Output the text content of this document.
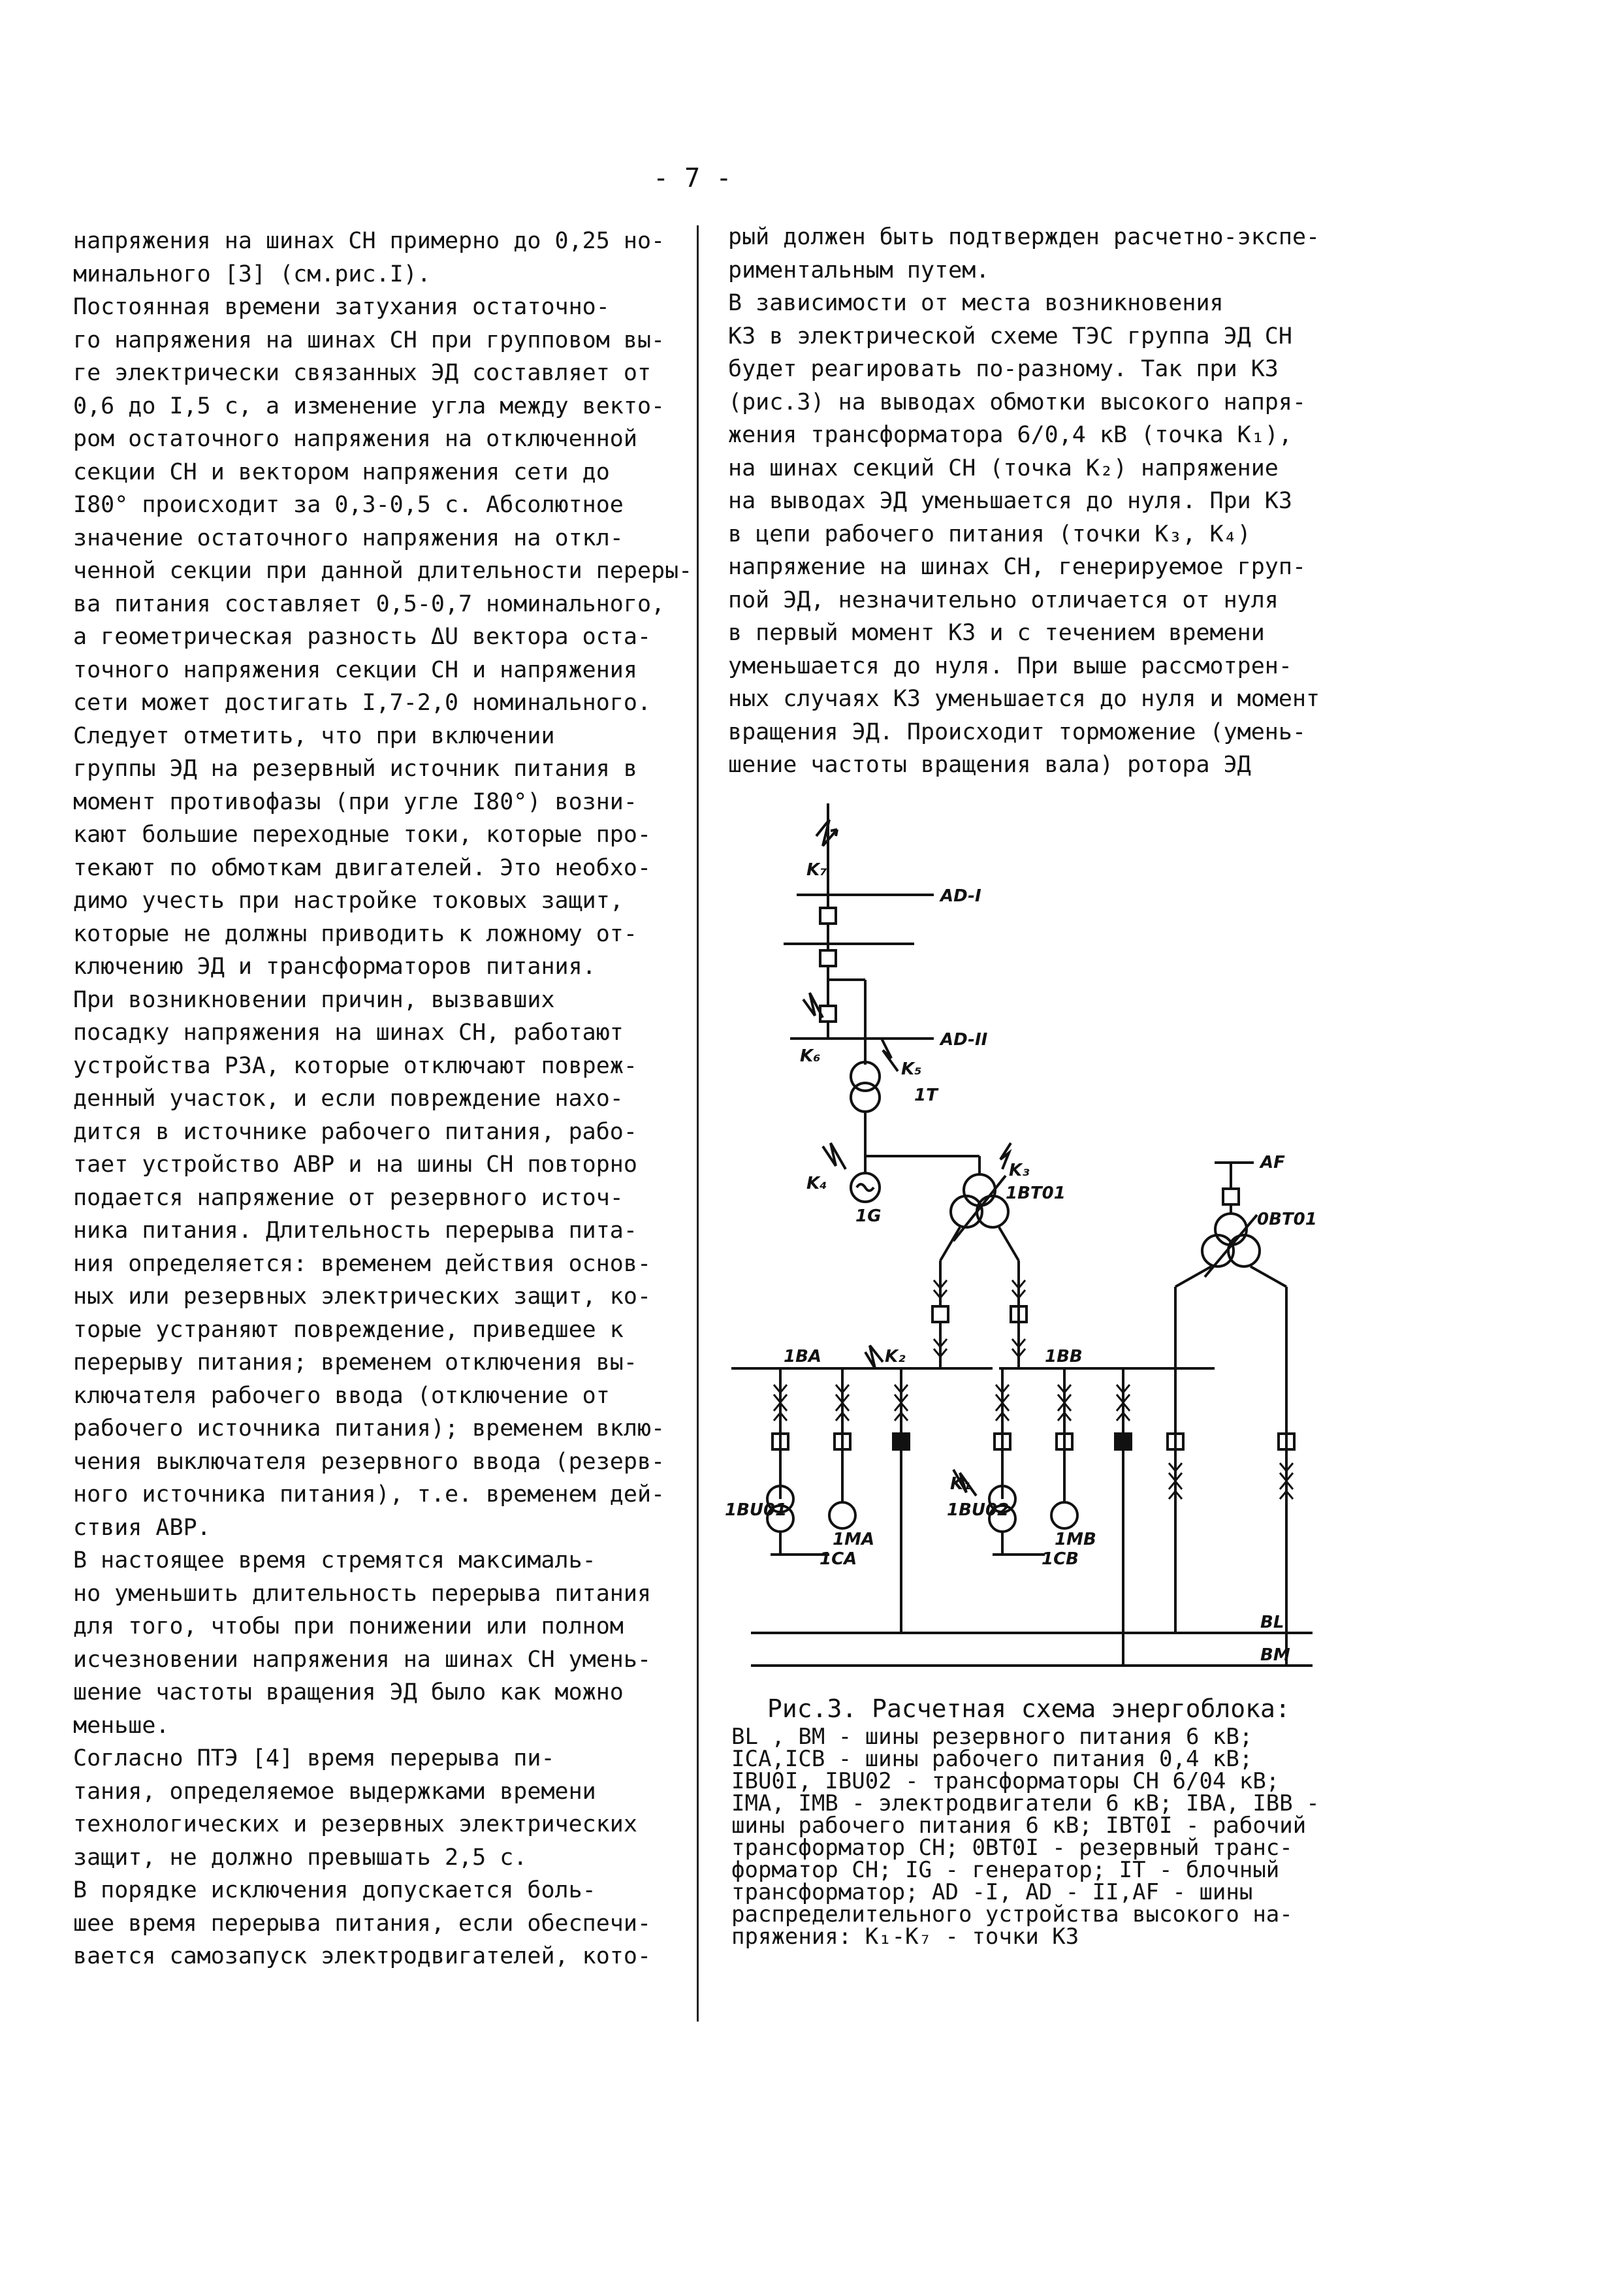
- 7 -

напряжения на шинах СН примерно до 0,25 но-

минального [3] (см.рис.I).

Постоянная времени затухания остаточно-

го напряжения на шинах СН при групповом вы-

ге электрически связанных ЭД составляет от

0,6 до I,5 с, а изменение угла между векто-

ром остаточного напряжения на отключенной

секции СН и вектором напряжения сети до

I80° происходит за 0,3-0,5 с. Абсолютное

значение остаточного напряжения на откл-

ченной секции при данной длительности переры-

ва питания составляет 0,5-0,7 номинального,

а геометрическая разность ΔU вектора оста-

точного напряжения секции СН и напряжения

сети может достигать I,7-2,0 номинального.

Следует отметить, что при включении

группы ЭД на резервный источник питания в

момент противофазы (при угле I80°) возни-

кают большие переходные токи, которые про-

текают по обмоткам двигателей. Это необхо-

димо учесть при настройке токовых защит,

которые не должны приводить к ложному от-

ключению ЭД и трансформаторов питания.

При возникновении причин, вызвавших

посадку напряжения на шинах СН, работают

устройства РЗА, которые отключают повреж-

денный участок, и если повреждение нахо-

дится в источнике рабочего питания, рабо-

тает устройство АВР и на шины СН повторно

подается напряжение от резервного источ-

ника питания. Длительность перерыва пита-

ния определяется: временем действия основ-

ных или резервных электрических защит, ко-

торые устраняют повреждение, приведшее к

перерыву питания; временем отключения вы-

ключателя рабочего ввода (отключение от

рабочего источника питания); временем вклю-

чения выключателя резервного ввода (резерв-

ного источника питания), т.е. временем дей-

ствия АВР.

В настоящее время стремятся максималь-

но уменьшить длительность перерыва питания

для того, чтобы при понижении или полном

исчезновении напряжения на шинах СН умень-

шение частоты вращения ЭД было как можно

меньше.

Согласно ПТЭ [4] время перерыва пи-

тания, определяемое выдержками времени

технологических и резервных электрических

защит, не должно превышать 2,5 с.

В порядке исключения допускается боль-

шее время перерыва питания, если обеспечи-

вается самозапуск электродвигателей, кото-

рый должен быть подтвержден расчетно-экспе-

риментальным путем.

В зависимости от места возникновения

КЗ в электрической схеме ТЭС группа ЭД СН

будет реагировать по-разному. Так при КЗ

(рис.3) на выводах обмотки высокого напря-

жения трансформатора 6/0,4 кВ (точка К₁),

на шинах секций СН (точка К₂) напряжение

на выводах ЭД уменьшается до нуля. При КЗ

в цепи рабочего питания (точки К₃, К₄)

напряжение на шинах СН, генерируемое груп-

пой ЭД, незначительно отличается от нуля

в первый момент КЗ и с течением времени

уменьшается до нуля. При выше рассмотрен-

ных случаях КЗ уменьшается до нуля и момент

вращения ЭД. Происходит торможение (умень-

шение частоты вращения вала) ротора ЭД

K₇
AD-I
AD-II
K₆
K₅
1T
K₄
1G
K₃
1BT01
AF
0BT01
1BA	K₂	1BB
1BU01
1MA
1CA
K₁
1BU02
1MB
1CB
BL
BM

Рис.3. Расчетная схема энергоблока:

BL , BM - шины резервного питания 6 кВ;

ICA,ICB - шины рабочего питания 0,4 кВ;

IBU0I, IBU02 - трансформаторы СН 6/04 кВ;

IMA, IMB - электродвигатели 6 кВ; IBA, IBB -

шины рабочего питания 6 кВ; IBT0I - рабочий

трансформатор СН; 0BT0I - резервный транс-

форматор СН; IG - генератор; IT - блочный

трансформатор; AD -I, AD - II,AF - шины

распределительного устройства высокого на-

пряжения: К₁-К₇ - точки КЗ
